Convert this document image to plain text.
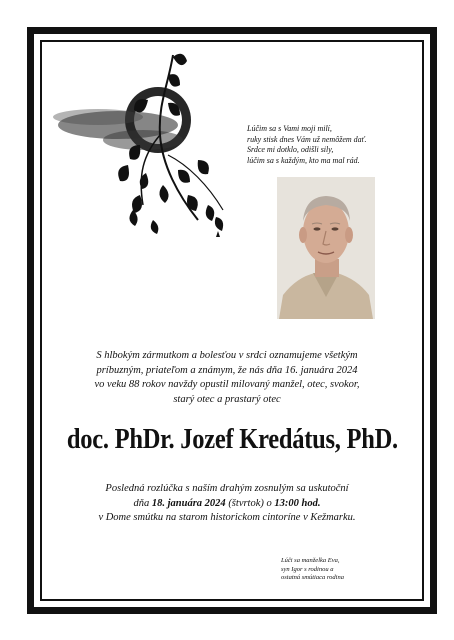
Lúčim sa s Vami moji milí,
ruky stisk dnes Vám už nemôžem dať.
Srdce mi dotklo, odišli sily,
lúčim sa s každým, kto ma mal rád.
S hlbokým zármutkom a bolesťou v srdci oznamujeme všetkým
príbuzným, priateľom a známym, že nás dňa 16. januára 2024
vo veku 88 rokov navždy opustil milovaný manžel, otec, svokor,
starý otec a prastarý otec
doc. PhDr. Jozef Kredátus, PhD.
Posledná rozlúčka s naším drahým zosnulým sa uskutoční
dňa 18. januára 2024 (štvrtok) o 13:00 hod.
v Dome smútku na starom historickom cintoríne v Kežmarku.
Lúči sa manželka Eva,
syn Igor s rodinou a
ostatná smútiaca rodina
